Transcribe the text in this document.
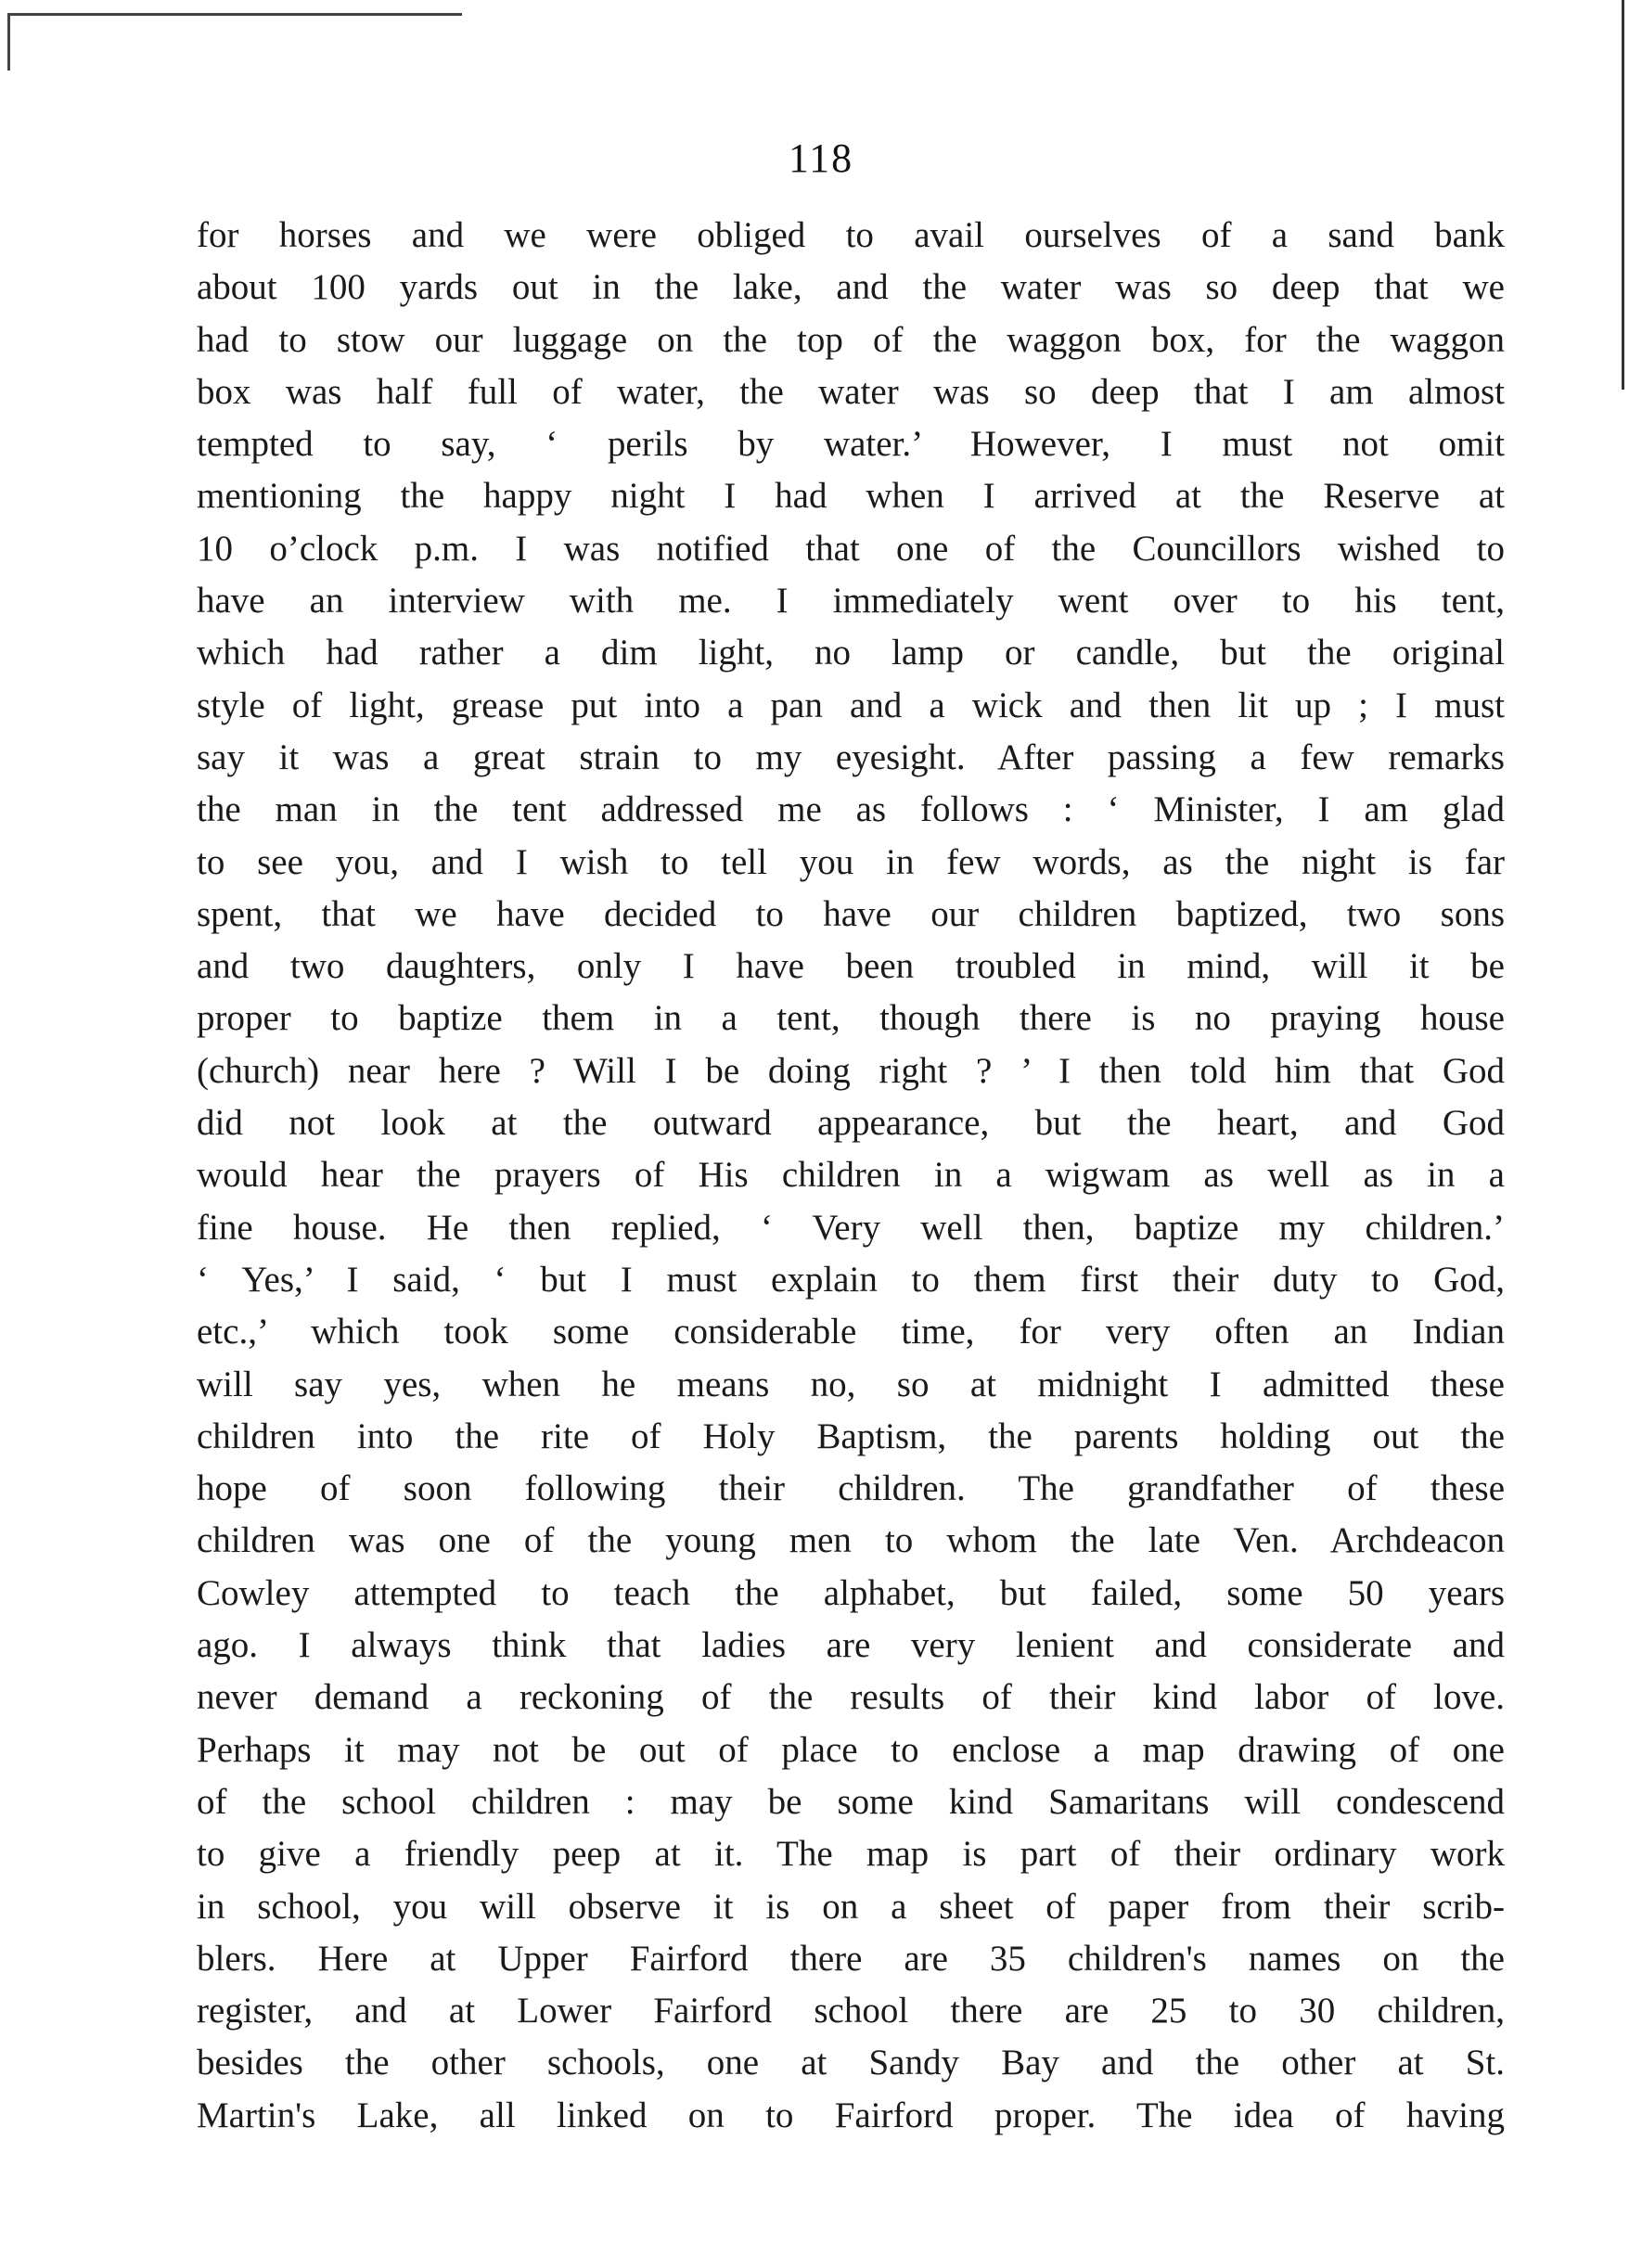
118
for horses and we were obliged to avail ourselves of a sand bank
about 100 yards out in the lake, and the water was so deep that we
had to stow our luggage on the top of the waggon box, for the waggon
box was half full of water, the water was so deep that I am almost
tempted to say, ‘ perils by water.’ However, I must not omit
mentioning the happy night I had when I arrived at the Reserve at
10 o’clock p.m. I was notified that one of the Councillors wished to
have an interview with me. I immediately went over to his tent,
which had rather a dim light, no lamp or candle, but the original
style of light, grease put into a pan and a wick and then lit up ; I must
say it was a great strain to my eyesight. After passing a few remarks
the man in the tent addressed me as follows : ‘ Minister, I am glad
to see you, and I wish to tell you in few words, as the night is far
spent, that we have decided to have our children baptized, two sons
and two daughters, only I have been troubled in mind, will it be
proper to baptize them in a tent, though there is no praying house
(church) near here ? Will I be doing right ? ’ I then told him that God
did not look at the outward appearance, but the heart, and God
would hear the prayers of His children in a wigwam as well as in a
fine house. He then replied, ‘ Very well then, baptize my children.’
‘ Yes,’ I said, ‘ but I must explain to them first their duty to God,
etc.,’ which took some considerable time, for very often an Indian
will say yes, when he means no, so at midnight I admitted these
children into the rite of Holy Baptism, the parents holding out the
hope of soon following their children. The grandfather of these
children was one of the young men to whom the late Ven. Archdeacon
Cowley attempted to teach the alphabet, but failed, some 50 years
ago. I always think that ladies are very lenient and considerate and
never demand a reckoning of the results of their kind labor of love.
Perhaps it may not be out of place to enclose a map drawing of one
of the school children : may be some kind Samaritans will condescend
to give a friendly peep at it. The map is part of their ordinary work
in school, you will observe it is on a sheet of paper from their scrib-
blers. Here at Upper Fairford there are 35 children's names on the
register, and at Lower Fairford school there are 25 to 30 children,
besides the other schools, one at Sandy Bay and the other at St.
Martin's Lake, all linked on to Fairford proper. The idea of having
